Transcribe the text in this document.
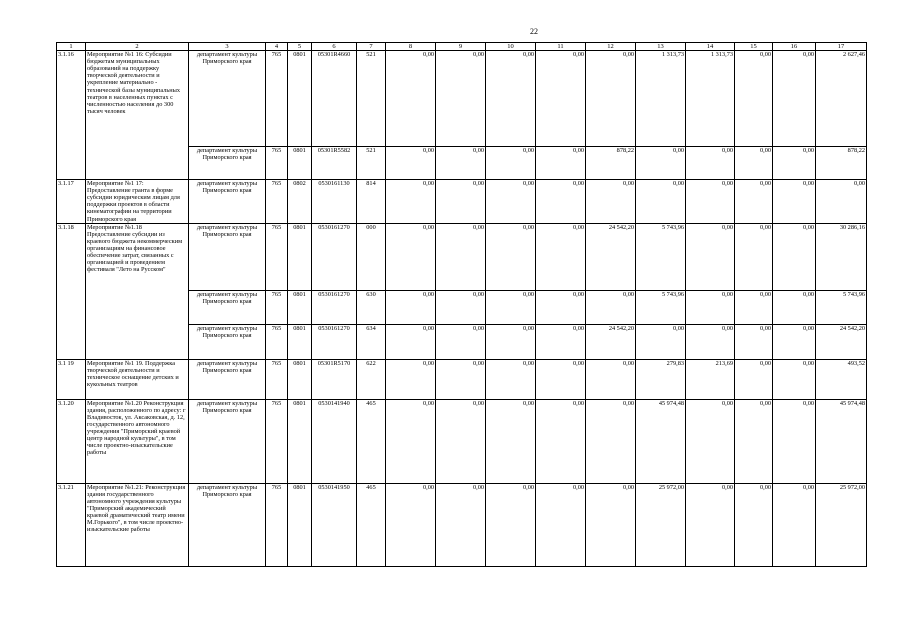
22
1	2	3	4	5	6	7	8	9	10	11	12	13	14	15	16	17
3.1.16	Мероприятие №1 16: Субсидии бюджетам муниципальных образований на поддержку творческой деятельности и укрепление материально - технической базы муниципальных театров в населенных пунктах с численностью населения до 300 тысяч человек	департамент культуры Приморского края	765	0801	05301R4660	521	0,00	0,00	0,00	0,00	0,00	1 313,73	1 313,73	0,00	0,00	2 627,46
		департамент культуры Приморского края	765	0801	05301R5582	521	0,00	0,00	0,00	0,00	878,22	0,00	0,00	0,00	0,00	878,22
3.1.17	Мероприятие №1 17: Предоставление гранта в форме субсидии юридическим лицам для поддержки проектов в области кинематографии на территории Приморского края	департамент культуры Приморского края	765	0802	0530161130	814	0,00	0,00	0,00	0,00	0,00	0,00	0,00	0,00	0,00	0,00
3.1.18	Мероприятие №1.18 Предоставление субсидии из краевого бюджета некоммерческим организациям на финансовое обеспечение затрат, связанных с организацией и проведением фестиваля "Лето на Русском"	департамент культуры Приморского края	765	0801	0530161270	000	0,00	0,00	0,00	0,00	24 542,20	5 743,96	0,00	0,00	0,00	30 286,16
		департамент культуры Приморского края	765	0801	0530161270	630	0,00	0,00	0,00	0,00	0,00	5 743,96	0,00	0,00	0,00	5 743,96
		департамент культуры Приморского края	765	0801	0530161270	634	0,00	0,00	0,00	0,00	24 542,20	0,00	0,00	0,00	0,00	24 542,20
3.1 19	Мероприятие №1 19. Поддержка творческой деятельности и техническое оснащение детских и кукольных театров	департамент культуры Приморского края	765	0801	05301R5170	622	0,00	0,00	0,00	0,00	0,00	279,83	213,69	0,00	0,00	493,52
3.1.20	Мероприятие №1.20 Реконструкция здания, расположенного по адресу: г Владивосток, ул. Аксаковская, д. 12, государственного автономного учреждения "Приморский краевой центр народной культуры", в том числе проектно-изыскательские работы	департамент культуры Приморского края	765	0801	0530141940	465	0,00	0,00	0,00	0,00	0,00	45 974,48	0,00	0,00	0,00	45 974,48
3.1.21	Мероприятие №1.21: Реконструкция здания государственного автономного учреждения культуры "Приморский академический краевой драматический театр имени М.Горького", в том числе проектно-изыскательские работы	департамент культуры Приморского края	765	0801	0530141950	465	0,00	0,00	0,00	0,00	0,00	25 972,00	0,00	0,00	0,00	25 972,00
